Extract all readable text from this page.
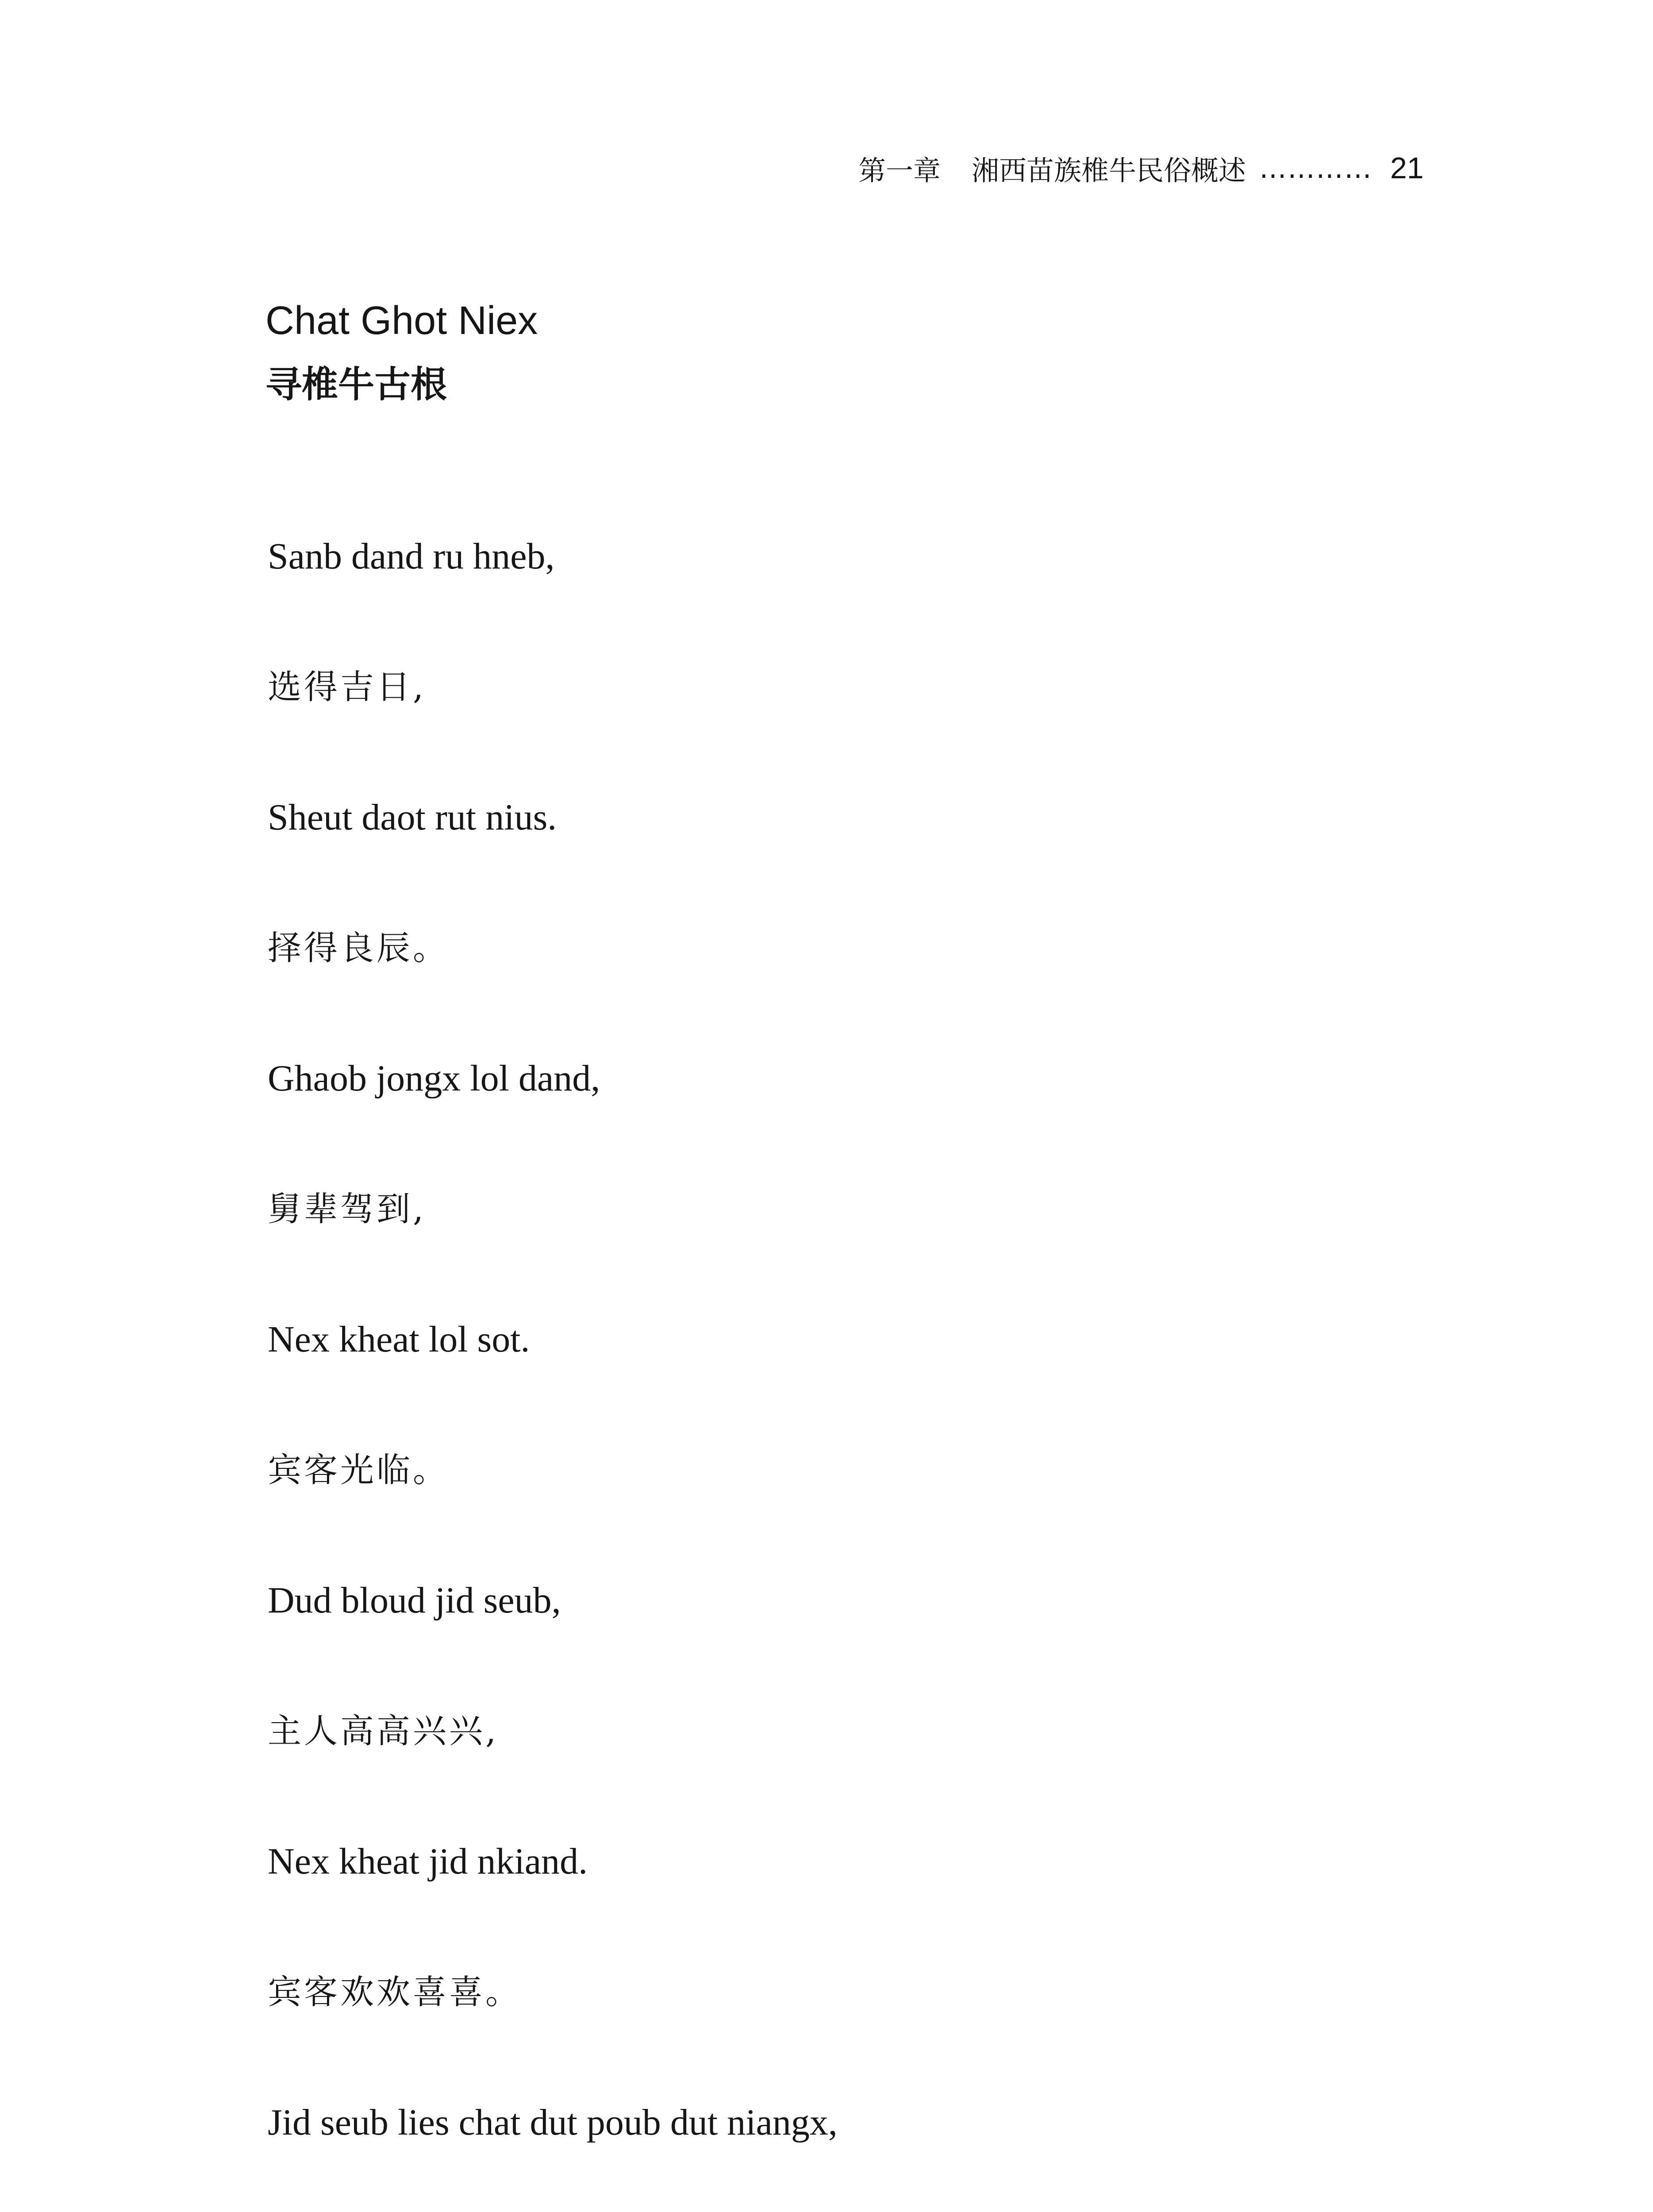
第一章 湘西苗族椎牛民俗概述 ………… 21
Chat Ghot Niex
寻椎牛古根
Sanb dand ru hneb,
选得吉日,
Sheut daot rut nius.
择得良辰。
Ghaob jongx lol dand,
舅辈驾到,
Nex kheat lol sot.
宾客光临。
Dud bloud jid seub,
主人高高兴兴,
Nex kheat jid nkiand.
宾客欢欢喜喜。
Jid seub lies chat dut poub dut niangx,
